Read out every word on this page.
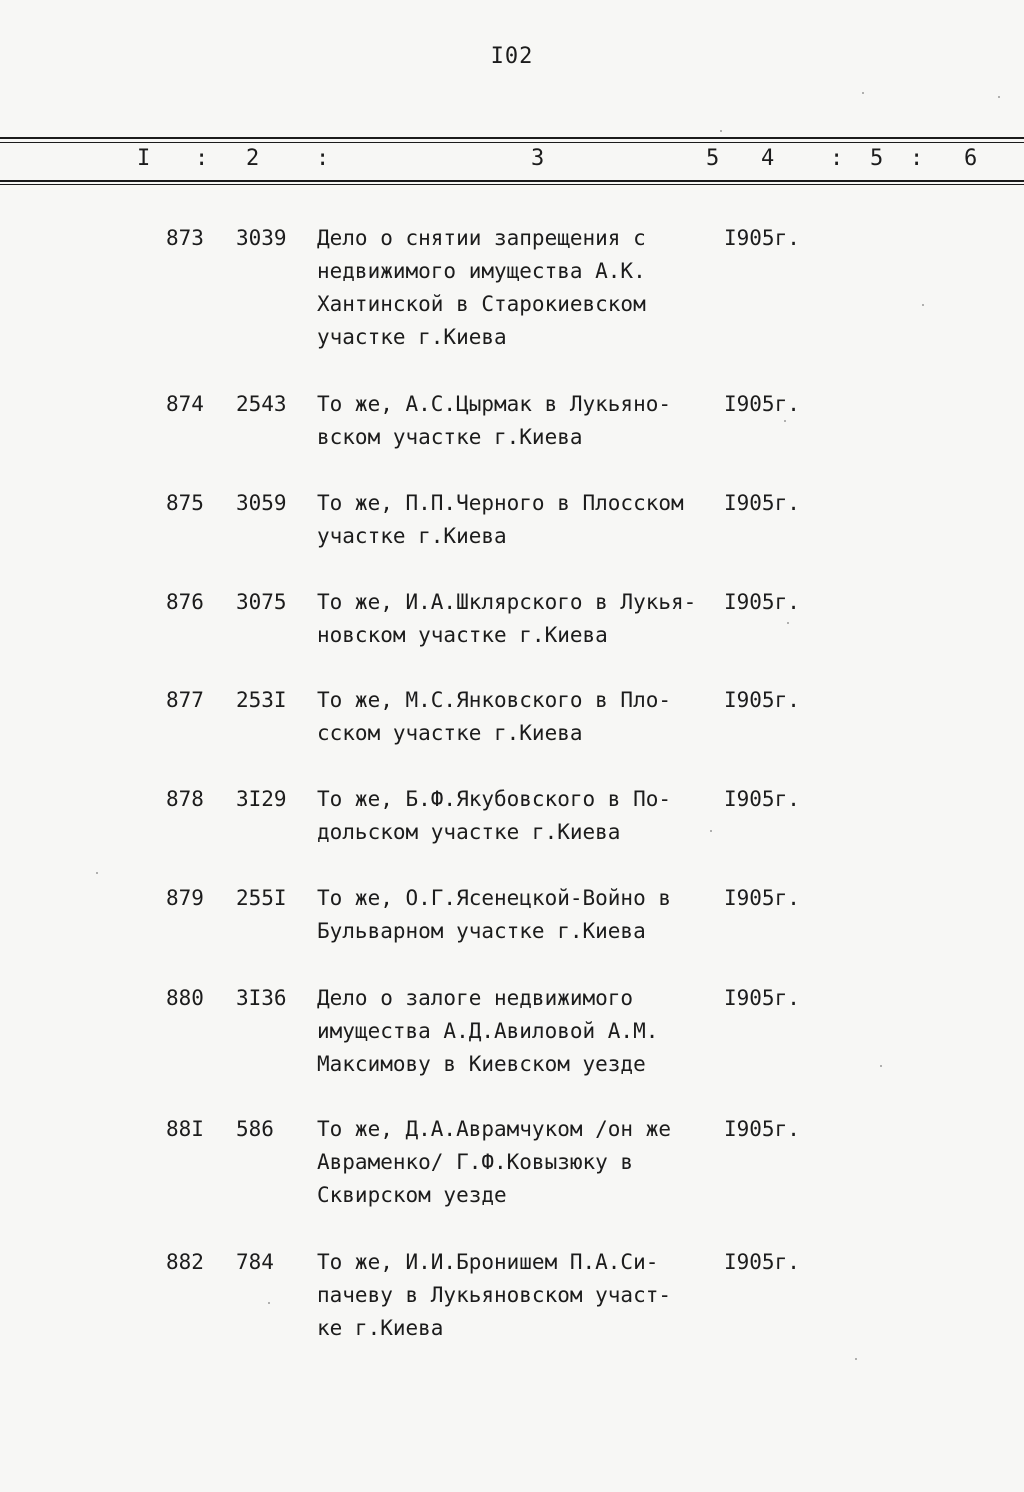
I02
I : 2	:	3	5 4	: 5 : 6
873	3039	Дело о снятии запрещения с
недвижимого имущества А.К.
Хантинской в Старокиевском
участке г.Киева
I905г.
874	2543	То же, А.С.Цырмак в Лукьяно-
вском участке г.Киева
I905г.
875	3059	То же, П.П.Черного в Плосском
участке г.Киева
I905г.
876	3075	То же, И.А.Шклярского в Лукья-
новском участке г.Киева
I905г.
877	253I	То же, М.С.Янковского в Пло-
сском участке г.Киева
I905г.
878	3I29	То же, Б.Ф.Якубовского в По-
дольском участке г.Киева
I905г.
879	255I	То же, О.Г.Ясенецкой-Войно в
Бульварном участке г.Киева
I905г.
880	3I36	Дело о залоге недвижимого
имущества А.Д.Авиловой А.М.
Максимову в Киевском уезде
I905г.
88I	586	То же, Д.А.Аврамчуком /он же
Авраменко/ Г.Ф.Ковызюку в
Сквирском уезде
I905г.
882	784	То же, И.И.Бронишем П.А.Си-
пачеву в Лукьяновском участ-
ке г.Киева
I905г.
